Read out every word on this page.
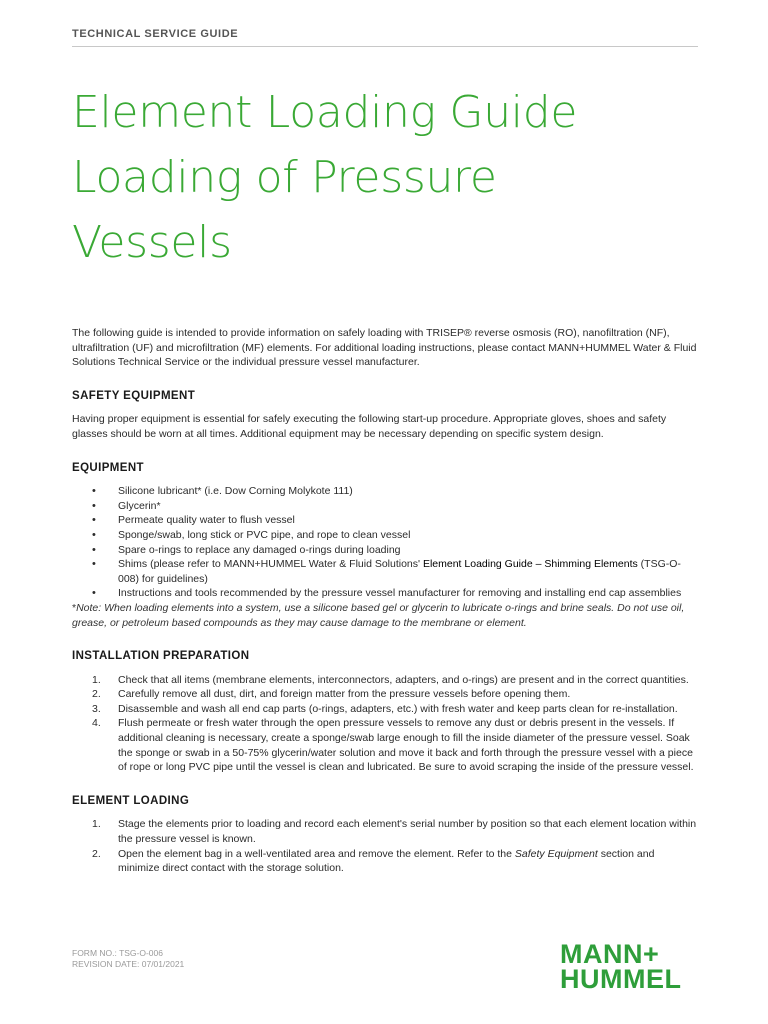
TECHNICAL SERVICE GUIDE
Element Loading Guide
Loading of Pressure
Vessels

The following guide is intended to provide information on safely loading with TRISEP® reverse osmosis (RO), nanofiltration (NF), ultrafiltration (UF) and microfiltration (MF) elements. For additional loading instructions, please contact MANN+HUMMEL Water & Fluid Solutions Technical Service or the individual pressure vessel manufacturer.

SAFETY EQUIPMENT

Having proper equipment is essential for safely executing the following start-up procedure. Appropriate gloves, shoes and safety glasses should be worn at all times. Additional equipment may be necessary depending on specific system design.

EQUIPMENT
• Silicone lubricant* (i.e. Dow Corning Molykote 111)
• Glycerin*
• Permeate quality water to flush vessel
• Sponge/swab, long stick or PVC pipe, and rope to clean vessel
• Spare o-rings to replace any damaged o-rings during loading
• Shims (please refer to MANN+HUMMEL Water & Fluid Solutions' Element Loading Guide – Shimming Elements (TSG-O-008) for guidelines)
• Instructions and tools recommended by the pressure vessel manufacturer for removing and installing end cap assemblies

*Note: When loading elements into a system, use a silicone based gel or glycerin to lubricate o-rings and brine seals. Do not use oil, grease, or petroleum based compounds as they may cause damage to the membrane or element.

INSTALLATION PREPARATION
1. Check that all items (membrane elements, interconnectors, adapters, and o-rings) are present and in the correct quantities.
2. Carefully remove all dust, dirt, and foreign matter from the pressure vessels before opening them.
3. Disassemble and wash all end cap parts (o-rings, adapters, etc.) with fresh water and keep parts clean for re-installation.
4. Flush permeate or fresh water through the open pressure vessels to remove any dust or debris present in the vessels. If additional cleaning is necessary, create a sponge/swab large enough to fill the inside diameter of the pressure vessel. Soak the sponge or swab in a 50-75% glycerin/water solution and move it back and forth through the pressure vessel with a piece of rope or long PVC pipe until the vessel is clean and lubricated. Be sure to avoid scraping the inside of the pressure vessel.
ELEMENT LOADING
1. Stage the elements prior to loading and record each element's serial number by position so that each element location within the pressure vessel is known.
2. Open the element bag in a well-ventilated area and remove the element. Refer to the Safety Equipment section and minimize direct contact with the storage solution.
FORM NO.: TSG-O-006
REVISION DATE: 07/01/2021	MANN+
HUMMEL
